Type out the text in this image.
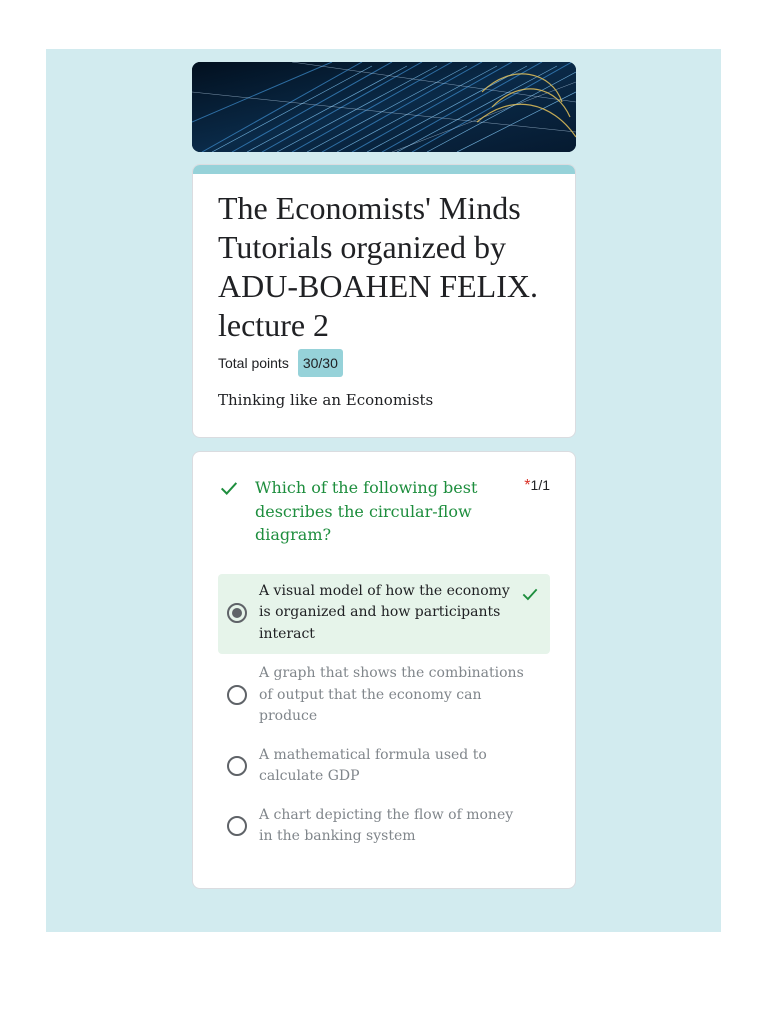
The Economists' Minds Tutorials organized by  ADU-BOAHEN FELIX. lecture 2
Total points	30/30
Thinking like an Economists
Which of the following best describes the circular-flow diagram?
*1/1
A visual model of how the economy is organized and how participants interact
A graph that shows the combinations of output that the economy can produce
A mathematical formula used to calculate GDP
A chart depicting the flow of money in the banking system
